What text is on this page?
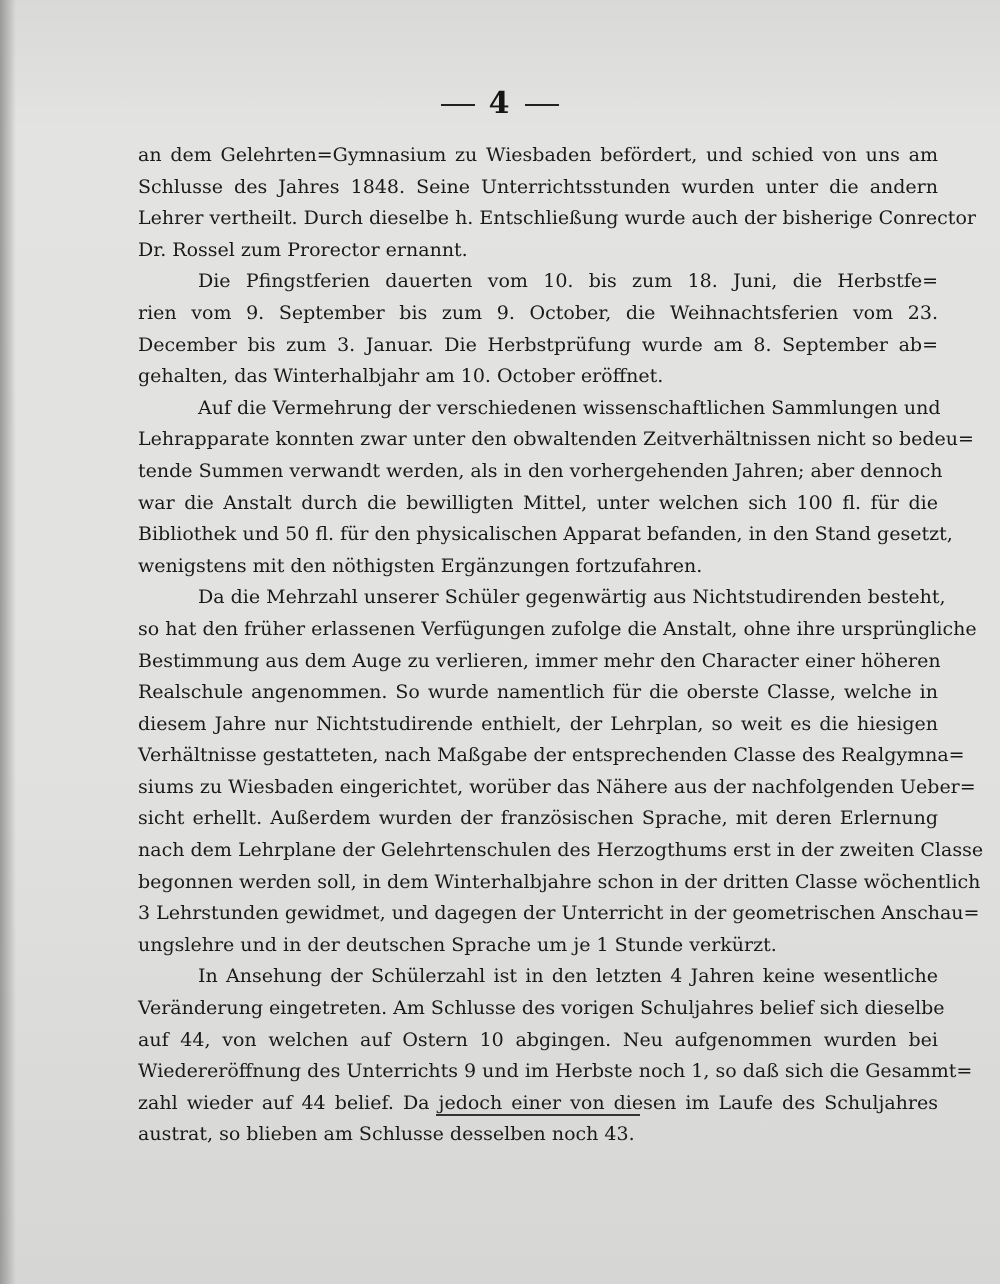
4
an dem Gelehrten=Gymnasium zu Wiesbaden befördert, und schied von uns am
Schlusse des Jahres 1848. Seine Unterrichtsstunden wurden unter die andern
Lehrer vertheilt. Durch dieselbe h. Entschließung wurde auch der bisherige Conrector
Dr. Rossel zum Prorector ernannt.
Die Pfingstferien dauerten vom 10. bis zum 18. Juni, die Herbstfe=
rien vom 9. September bis zum 9. October, die Weihnachtsferien vom 23.
December bis zum 3. Januar. Die Herbstprüfung wurde am 8. September ab=
gehalten, das Winterhalbjahr am 10. October eröffnet.
Auf die Vermehrung der verschiedenen wissenschaftlichen Sammlungen und
Lehrapparate konnten zwar unter den obwaltenden Zeitverhältnissen nicht so bedeu=
tende Summen verwandt werden, als in den vorhergehenden Jahren; aber dennoch
war die Anstalt durch die bewilligten Mittel, unter welchen sich 100 fl. für die
Bibliothek und 50 fl. für den physicalischen Apparat befanden, in den Stand gesetzt,
wenigstens mit den nöthigsten Ergänzungen fortzufahren.
Da die Mehrzahl unserer Schüler gegenwärtig aus Nichtstudirenden besteht,
so hat den früher erlassenen Verfügungen zufolge die Anstalt, ohne ihre ursprüngliche
Bestimmung aus dem Auge zu verlieren, immer mehr den Character einer höheren
Realschule angenommen. So wurde namentlich für die oberste Classe, welche in
diesem Jahre nur Nichtstudirende enthielt, der Lehrplan, so weit es die hiesigen
Verhältnisse gestatteten, nach Maßgabe der entsprechenden Classe des Realgymna=
siums zu Wiesbaden eingerichtet, worüber das Nähere aus der nachfolgenden Ueber=
sicht erhellt. Außerdem wurden der französischen Sprache, mit deren Erlernung
nach dem Lehrplane der Gelehrtenschulen des Herzogthums erst in der zweiten Classe
begonnen werden soll, in dem Winterhalbjahre schon in der dritten Classe wöchentlich
3 Lehrstunden gewidmet, und dagegen der Unterricht in der geometrischen Anschau=
ungslehre und in der deutschen Sprache um je 1 Stunde verkürzt.
In Ansehung der Schülerzahl ist in den letzten 4 Jahren keine wesentliche
Veränderung eingetreten. Am Schlusse des vorigen Schuljahres belief sich dieselbe
auf 44, von welchen auf Ostern 10 abgingen. Neu aufgenommen wurden bei
Wiedereröffnung des Unterrichts 9 und im Herbste noch 1, so daß sich die Gesammt=
zahl wieder auf 44 belief. Da jedoch einer von diesen im Laufe des Schuljahres
austrat, so blieben am Schlusse desselben noch 43.
